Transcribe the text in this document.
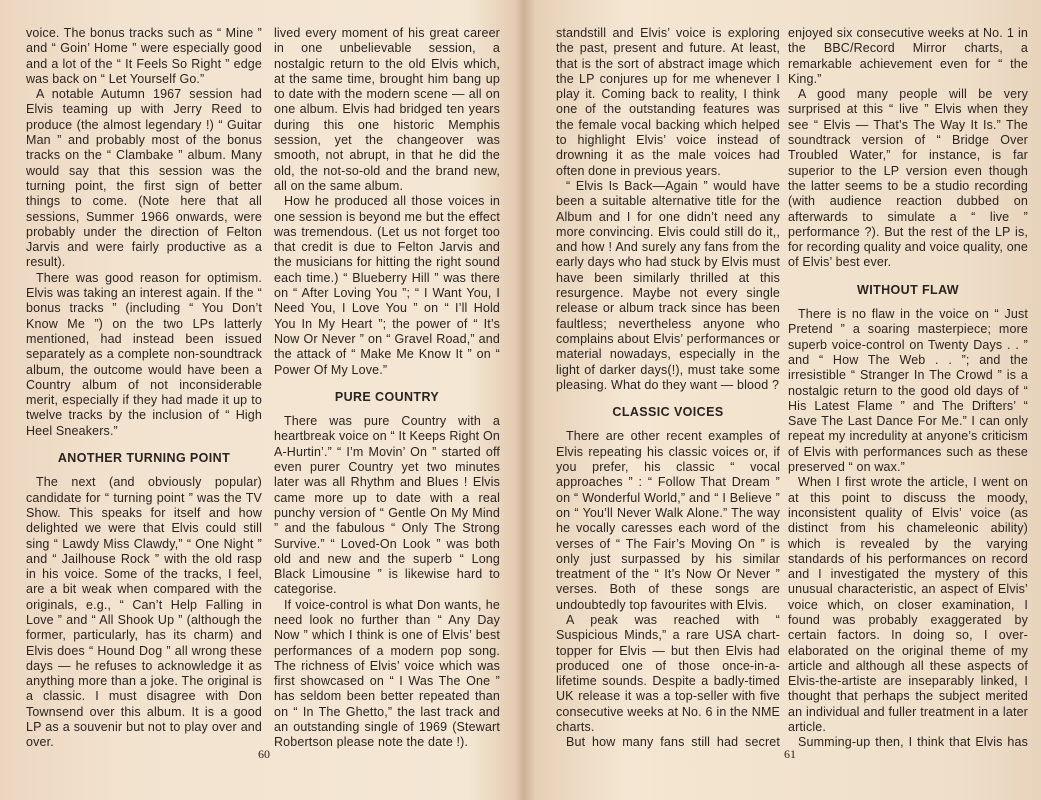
voice. The bonus tracks such as “ Mine ” and “ Goin’ Home ” were especially good and a lot of the “ It Feels So Right ” edge was back on “ Let Yourself Go.”

A notable Autumn 1967 session had Elvis teaming up with Jerry Reed to produce (the almost legendary !) “ Guitar Man ” and probably most of the bonus tracks on the “ Clambake ” album. Many would say that this session was the turning point, the first sign of better things to come. (Note here that all sessions, Summer 1966 onwards, were probably under the direction of Felton Jarvis and were fairly productive as a result).

There was good reason for optimism. Elvis was taking an interest again. If the “ bonus tracks ” (including “ You Don’t Know Me ”) on the two LPs latterly mentioned, had instead been issued separately as a complete non-soundtrack album, the outcome would have been a Country album of not inconsiderable merit, especially if they had made it up to twelve tracks by the inclusion of “ High Heel Sneakers.”

ANOTHER TURNING POINT

The next (and obviously popular) candidate for “ turning point ” was the TV Show. This speaks for itself and how delighted we were that Elvis could still sing “ Lawdy Miss Clawdy,” “ One Night ” and “ Jailhouse Rock ” with the old rasp in his voice. Some of the tracks, I feel, are a bit weak when compared with the originals, e.g., “ Can’t Help Falling in Love ” and “ All Shook Up ” (although the former, particularly, has its charm) and Elvis does “ Hound Dog ” all wrong these days — he refuses to acknowledge it as anything more than a joke. The original is a classic. I must disagree with Don Townsend over this album. It is a good LP as a souvenir but not to play over and over.

lived every moment of his great career in one unbelievable session, a nostalgic return to the old Elvis which, at the same time, brought him bang up to date with the modern scene — all on one album. Elvis had bridged ten years during this one historic Memphis session, yet the changeover was smooth, not abrupt, in that he did the old, the not-so-old and the brand new, all on the same album.

How he produced all those voices in one session is beyond me but the effect was tremendous. (Let us not forget too that credit is due to Felton Jarvis and the musicians for hitting the right sound each time.) “ Blueberry Hill ” was there on “ After Loving You ”; “ I Want You, I Need You, I Love You ” on “ I’ll Hold You In My Heart ”; the power of “ It’s Now Or Never ” on “ Gravel Road,” and the attack of “ Make Me Know It ” on “ Power Of My Love.”

PURE COUNTRY

There was pure Country with a heartbreak voice on “ It Keeps Right On A-Hurtin’.” “ I’m Movin’ On ” started off even purer Country yet two minutes later was all Rhythm and Blues ! Elvis came more up to date with a real punchy version of “ Gentle On My Mind ” and the fabulous “ Only The Strong Survive.” “ Loved-On Look ” was both old and new and the superb “ Long Black Limousine ” is likewise hard to categorise.

If voice-control is what Don wants, he need look no further than “ Any Day Now ” which I think is one of Elvis’ best performances of a modern pop song. The richness of Elvis’ voice which was first showcased on “ I Was The One ” has seldom been better repeated than on “ In The Ghetto,” the last track and an outstanding single of 1969 (Stewart Robertson please note the date !).

60

standstill and Elvis’ voice is exploring the past, present and future. At least, that is the sort of abstract image which the LP conjures up for me whenever I play it. Coming back to reality, I think one of the outstanding features was the female vocal backing which helped to highlight Elvis’ voice instead of drowning it as the male voices had often done in previous years.

“ Elvis Is Back—Again ” would have been a suitable alternative title for the Album and I for one didn’t need any more convincing. Elvis could still do it,, and how ! And surely any fans from the early days who had stuck by Elvis must have been similarly thrilled at this resurgence. Maybe not every single release or album track since has been faultless; nevertheless anyone who complains about Elvis’ performances or material nowadays, especially in the light of darker days(!), must take some pleasing. What do they want — blood ?

CLASSIC VOICES

There are other recent examples of Elvis repeating his classic voices or, if you prefer, his classic “ vocal approaches ” : “ Follow That Dream ” on “ Wonderful World,” and “ I Believe ” on “ You’ll Never Walk Alone.” The way he vocally caresses each word of the verses of “ The Fair’s Moving On ” is only just surpassed by his similar treatment of the “ It’s Now Or Never ” verses. Both of these songs are undoubtedly top favourites with Elvis.

A peak was reached with “ Suspicious Minds,” a rare USA chart-topper for Elvis — but then Elvis had produced one of those once-in-a-lifetime sounds. Despite a badly-timed UK release it was a top-seller with five consecutive weeks at No. 6 in the NME charts.

But how many fans still had secret

enjoyed six consecutive weeks at No. 1 in the BBC/Record Mirror charts, a remarkable achievement even for “ the King.”

A good many people will be very surprised at this “ live ” Elvis when they see “ Elvis — That’s The Way It Is.” The soundtrack version of “ Bridge Over Troubled Water,” for instance, is far superior to the LP version even though the latter seems to be a studio recording (with audience reaction dubbed on afterwards to simulate a “ live ” performance ?). But the rest of the LP is, for recording quality and voice quality, one of Elvis’ best ever.

WITHOUT FLAW

There is no flaw in the voice on “ Just Pretend ” a soaring masterpiece; more superb voice-control on Twenty Days . . ” and “ How The Web . . ”; and the irresistible “ Stranger In The Crowd ” is a nostalgic return to the good old days of “ His Latest Flame ” and The Drifters’ “ Save The Last Dance For Me.” I can only repeat my incredulity at anyone’s criticism of Elvis with performances such as these preserved “ on wax.”

When I first wrote the article, I went on at this point to discuss the moody, inconsistent quality of Elvis’ voice (as distinct from his chameleonic ability) which is revealed by the varying standards of his performances on record and I investigated the mystery of this unusual characteristic, an aspect of Elvis’ voice which, on closer examination, I found was probably exaggerated by certain factors. In doing so, I over-elaborated on the original theme of my article and although all these aspects of Elvis-the-artiste are inseparably linked, I thought that perhaps the subject merited an individual and fuller treatment in a later article.

Summing-up then, I think that Elvis has

61
